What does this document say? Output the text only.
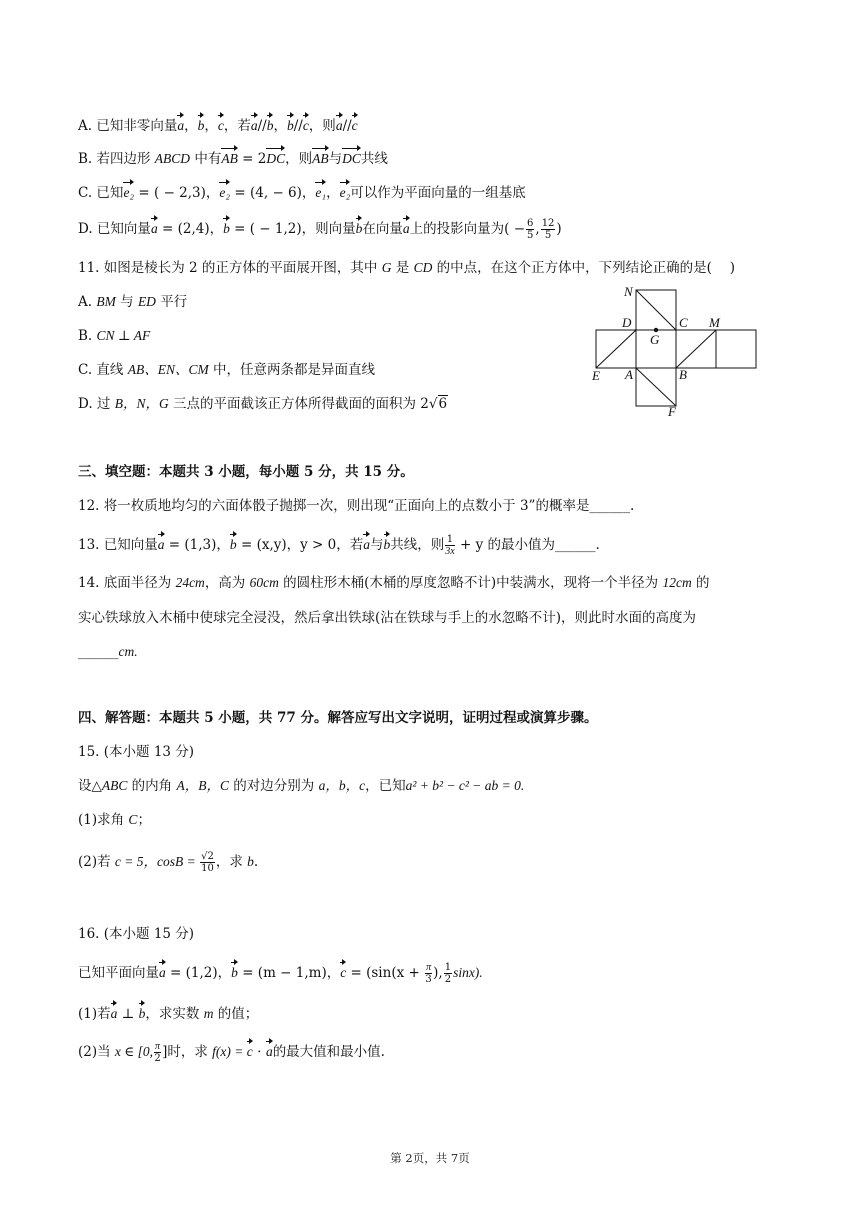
A. 已知非零向量a，b，c，若a//b，b//c，则a//c
B. 若四边形 ABCD 中有AB = 2DC，则AB与DC共线
C. 已知e₂ = ( − 2,3)，e₂ = (4, − 6)，e₁，e₂可以作为平面向量的一组基底
D. 已知向量a = (2,4)，b = ( − 1,2)，则向量b在向量a上的投影向量为( − $\frac{6}{5}$ , $\frac{12}{5}$ )
11. 如图是棱长为 2 的正方体的平面展开图，其中 G 是 CD 的中点，在这个正方体中，下列结论正确的是(　 )
A. BM 与 ED 平行
B. CN ⊥ AF
C. 直线 AB、EN、CM 中，任意两条都是异面直线
D. 过 B，N，G 三点的平面截该正方体所得截面的面积为 2√6
N
D
G
C M
E A	B
F
三、填空题：本题共 3 小题，每小题 5 分，共 15 分。
12. 将一枚质地均匀的六面体骰子抛掷一次，则出现“正面向上的点数小于 3”的概率是______.
13. 已知向量a = (1,3)，b = (x,y)，y > 0，若a与b共线，则 $\frac{1}{3x} + y$ 的最小值为______.
14. 底面半径为 24cm，高为 60cm 的圆柱形木桶(木桶的厚度忽略不计)中装满水，现将一个半径为 12cm 的
实心铁球放入木桶中使球完全浸没，然后拿出铁球(沾在铁球与手上的水忽略不计)，则此时水面的高度为
______cm.
四、解答题：本题共 5 小题，共 77 分。解答应写出文字说明，证明过程或演算步骤。
15. (本小题 13 分)
设△ABC 的内角 A，B，C 的对边分别为 a，b，c，已知a² + b² − c² − ab = 0.
(1)求角 C；
(2)若 c = 5，$\cos B = \frac{√2}{10}$ ，求 b.
16. (本小题 15 分)
已知平面向量a = (1,2)，b = (m − 1,m)，$c = (\sin(x + \frac{\pi}{3}$ ), $\frac{1}{2} \sin x$).
(1)若a ⊥ b，求实数 m 的值；
(2)当 x ∈ [0, $\frac{\pi}{2}$ ]时，求 f(x) = c ⋅ a的最大值和最小值.
第 2页，共 7页
